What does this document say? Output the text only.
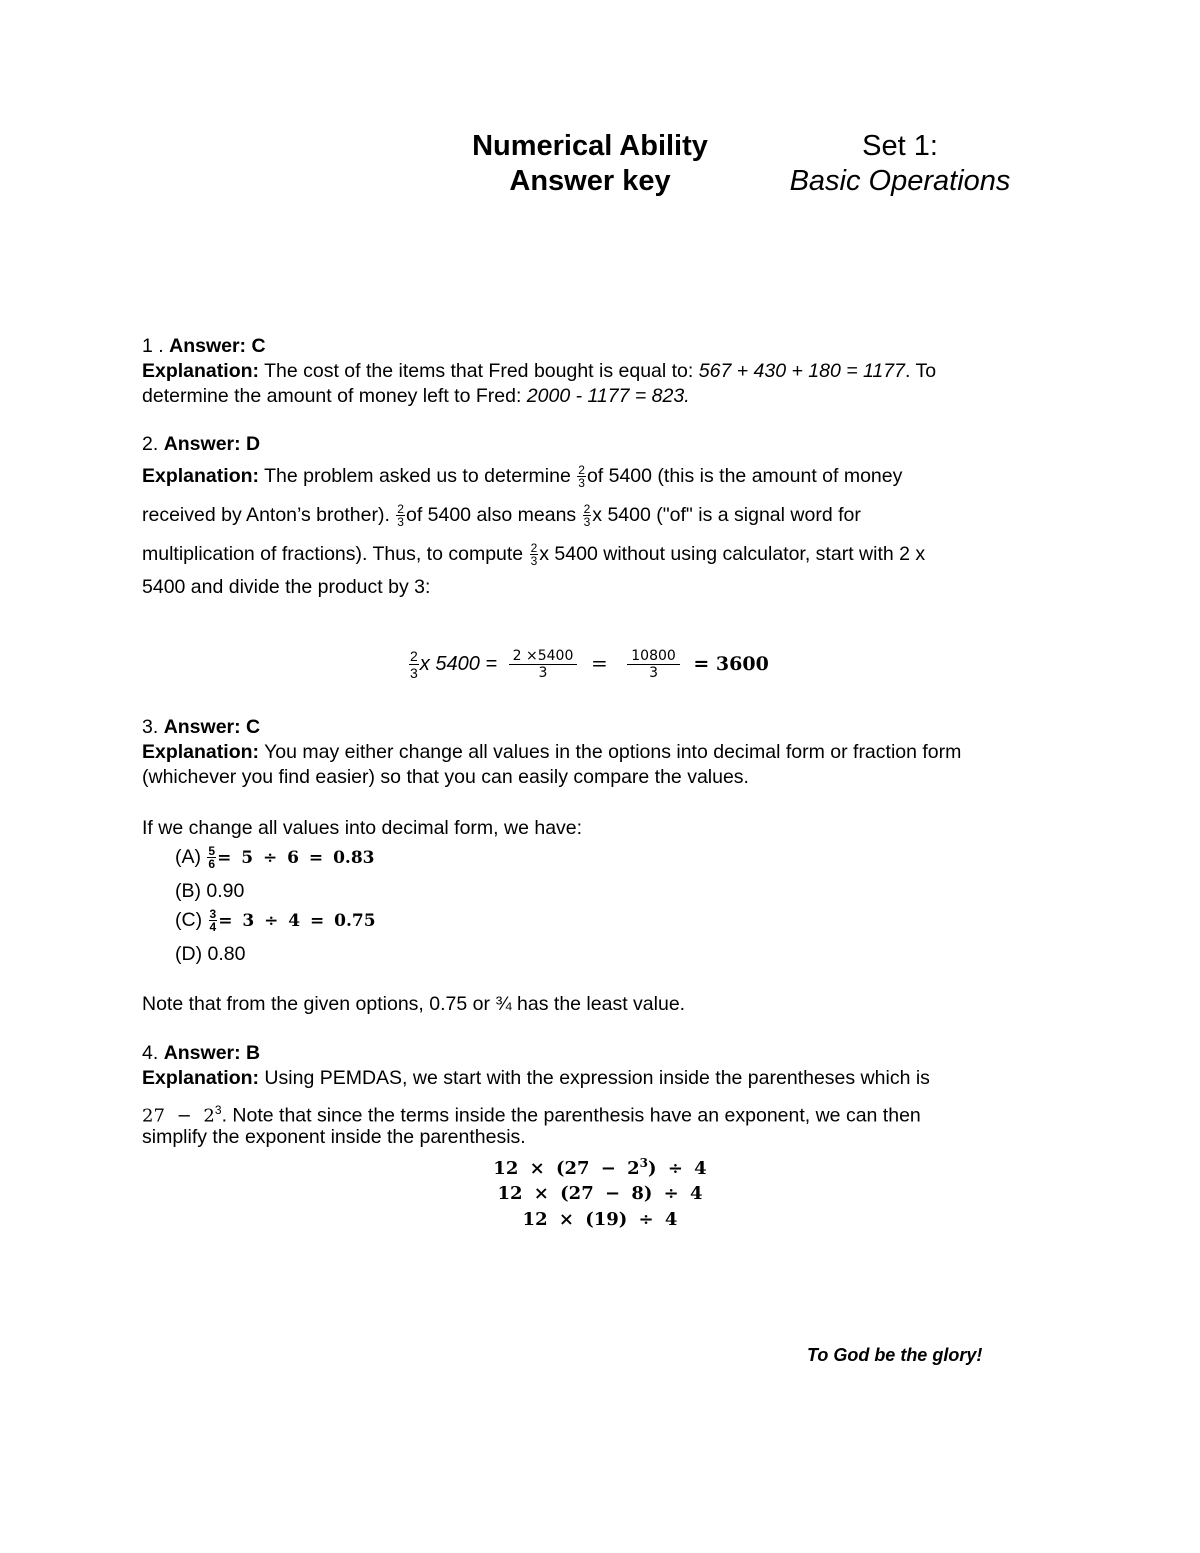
Numerical Ability
Answer key
Set 1:
Basic Operations
1 . Answer: C
Explanation: The cost of the items that Fred bought is equal to: 567 + 430 + 180 = 1177. To
determine the amount of money left to Fred: 2000 - 1177 = 823.
2. Answer: D
Explanation: The problem asked us to determine $\frac{2}{3}$ of 5400 (this is the amount of money
received by Anton’s brother). $\frac{2}{3}$ of 5400 also means $\frac{2}{3}$ x 5400 ("of" is a signal word for
multiplication of fractions). Thus, to compute $\frac{2}{3}$ x 5400 without using calculator, start with 2 x
5400 and divide the product by 3:
$\frac{2}{3}$ x $5400 = \frac{2 \times 5400}{3} = \frac{10800}{3} = 3600$
3. Answer: C
Explanation: You may either change all values in the options into decimal form or fraction form
(whichever you find easier) so that you can easily compare the values.
If we change all values into decimal form, we have:
$(A) \frac{5}{6} = 5 \div 6 = 0.83$
(B) 0.90
$(C) \frac{3}{4} = 3 \div 4 = 0.75$
(D) 0.80
Note that from the given options, 0.75 or ¾ has the least value.
4. Answer: B
Explanation: Using PEMDAS, we start with the expression inside the parentheses which is
$27 - 2^3$. Note that since the terms inside the parenthesis have an exponent, we can then
simplify the exponent inside the parenthesis.
$12 \times (27 - 2^3) \div 4$
12 × (27 − 8) ÷ 4
12 × (19) ÷ 4
To God be the glory!
